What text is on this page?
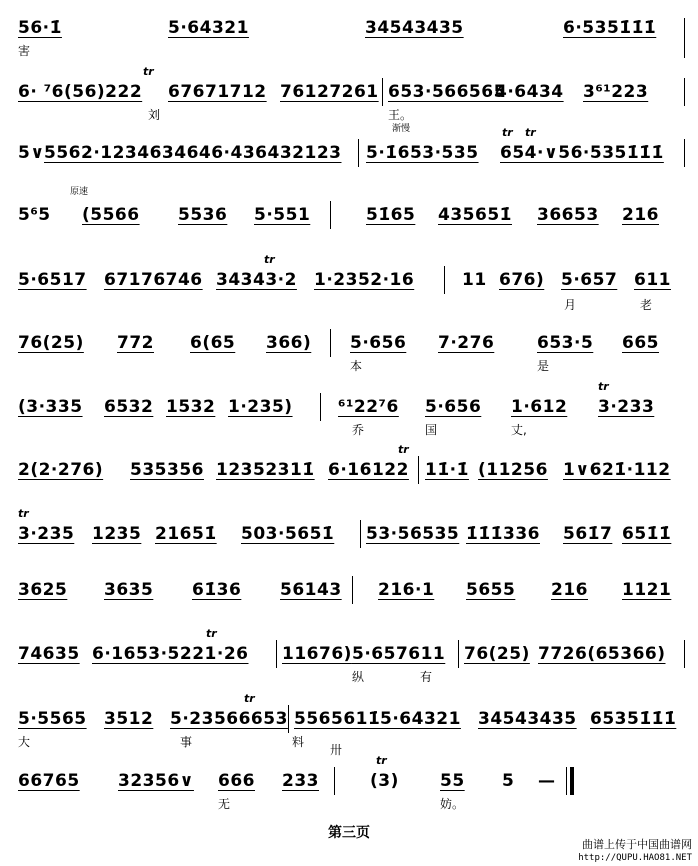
56·1̇	5·64321	34543435	6·5351̇1̇1̇
害
6· ⁷6(56)222 67671712 76127261 653·566565
4·6434 3⁶¹223
刘	王。
渐慢
tr
5∨ 5562·1234634646·436432123 5·1̇653·535 654·∨56·5351̇1̇1̇
tr tr
5⁶5
原速
(5566 5536 5·551	51̇65 435651̇ 36653 216
5·6517 67176746 34343·2 1·2352·16	11 676) 5·657 611
月	老
tr
76(25) 772 6(65 366) 5·656 7·276	653·5 665
本	是
(3·335 6532 1532 1·235)	⁶¹22⁷6 5·656 1·612 3·233
乔	国	丈,
tr
2(2·276) 535356 12352311̇ 6·16122 11̇·1̇ (11256 1∨621̇·112
tr
3·235 1235 21651̇ 503·5651̇ 53·56535 1̇1̇1̇336 561̇7 651̇1̇
tr
3625 3635 61̇36 56143 216·1 5655 216 1121
74635 6·1653·5221·26 11676) 5·657611 76(25) 7726(65366)
纵	有
tr
5·5565 3512 5·23566653 5565611̇ 5·64321 34543435 65351̇1̇1̇
大	事	料
tr
66765 32356∨ 666 233	(3) 55 5 —
无
卅
妨。
tr
第三页
曲谱上传于中国曲谱网
http://QUPU.HAO81.NET
